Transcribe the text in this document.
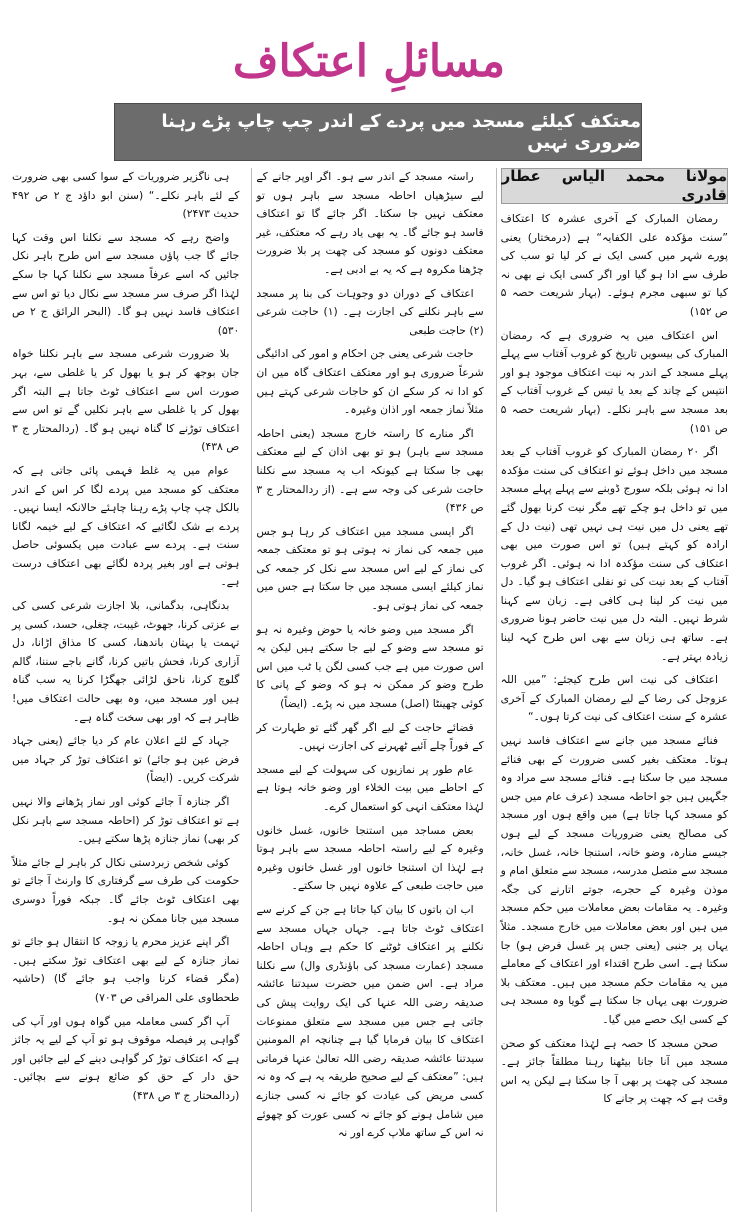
مسائلِ اعتکاف
معتکف کیلئے مسجد میں پردے کے اندر چپ چاپ پڑے رہنا ضروری نہیں
مولانا محمد الیاس عطار قادری

رمضان المبارک کے آخری عشرہ کا اعتکاف ”سنت مؤکدہ علی الکفایہ“ ہے (درمختار) یعنی پورے شہر میں کسی ایک نے کر لیا تو سب کی طرف سے ادا ہو گیا اور اگر کسی ایک نے بھی نہ کیا تو سبھی مجرم ہوئے۔ (بہار شریعت حصہ ۵ ص ۱۵۲)

اس اعتکاف میں یہ ضروری ہے کہ رمضان المبارک کی بیسویں تاریخ کو غروب آفتاب سے پہلے پہلے مسجد کے اندر بہ نیت اعتکاف موجود ہو اور انتیس کے چاند کے بعد یا تیس کے غروب آفتاب کے بعد مسجد سے باہر نکلے۔ (بہار شریعت حصہ ۵ ص ۱۵۱)

اگر ۲۰ رمضان المبارک کو غروب آفتاب کے بعد مسجد میں داخل ہوئے تو اعتکاف کی سنت مؤکدہ ادا نہ ہوئی بلکہ سورج ڈوبنے سے پہلے پہلے مسجد میں تو داخل ہو چکے تھے مگر نیت کرنا بھول گئے تھے یعنی دل میں نیت ہی نہیں تھی (نیت دل کے ارادہ کو کہتے ہیں) تو اس صورت میں بھی اعتکاف کی سنت مؤکدہ ادا نہ ہوئی۔ اگر غروب آفتاب کے بعد نیت کی تو نفلی اعتکاف ہو گیا۔ دل میں نیت کر لینا ہی کافی ہے۔ زبان سے کہنا شرط نہیں۔ البتہ دل میں نیت حاضر ہونا ضروری ہے۔ ساتھ ہی زبان سے بھی اس طرح کہہ لینا زیادہ بہتر ہے۔

اعتکاف کی نیت اس طرح کیجئے: ”میں اللہ عزوجل کی رضا کے لیے رمضان المبارک کے آخری عشرہ کے سنت اعتکاف کی نیت کرتا ہوں۔“

فنائے مسجد میں جانے سے اعتکاف فاسد نہیں ہوتا۔ معتکف بغیر کسی ضرورت کے بھی فنائے مسجد میں جا سکتا ہے۔ فنائے مسجد سے مراد وہ جگہیں ہیں جو احاطہ مسجد (عرف عام میں جس کو مسجد کہا جاتا ہے) میں واقع ہوں اور مسجد کی مصالح یعنی ضروریات مسجد کے لیے ہوں جیسے منارہ، وضو خانہ، استنجا خانہ، غسل خانہ، مسجد سے متصل مدرسہ، مسجد سے متعلق امام و موذن وغیرہ کے حجرے، جوتے اتارنے کی جگہ وغیرہ۔ یہ مقامات بعض معاملات میں حکم مسجد میں ہیں اور بعض معاملات میں خارج مسجد۔ مثلاً یہاں پر جنبی (یعنی جس پر غسل فرض ہو) جا سکتا ہے۔ اسی طرح اقتداء اور اعتکاف کے معاملے میں یہ مقامات حکم مسجد میں ہیں۔ معتکف بلا ضرورت بھی یہاں جا سکتا ہے گویا وہ مسجد ہی کے کسی ایک حصے میں گیا۔

صحن مسجد کا حصہ ہے لہٰذا معتکف کو صحن مسجد میں آنا جانا بیٹھنا رہنا مطلقاً جائز ہے۔ مسجد کی چھت پر بھی آ جا سکتا ہے لیکن یہ اس وقت ہے کہ چھت پر جانے کا

راستہ مسجد کے اندر سے ہو۔ اگر اوپر جانے کے لیے سیڑھیاں احاطہ مسجد سے باہر ہوں تو معتکف نہیں جا سکتا۔ اگر جائے گا تو اعتکاف فاسد ہو جائے گا۔ یہ بھی یاد رہے کہ معتکف، غیر معتکف دونوں کو مسجد کی چھت پر بلا ضرورت چڑھنا مکروہ ہے کہ یہ بے ادبی ہے۔

اعتکاف کے دوران دو وجوہات کی بنا پر مسجد سے باہر نکلنے کی اجازت ہے۔ (۱) حاجت شرعی (۲) حاجت طبعی

حاجت شرعی یعنی جن احکام و امور کی ادائیگی شرعاً ضروری ہو اور معتکف اعتکاف گاہ میں ان کو ادا نہ کر سکے ان کو حاجات شرعی کہتے ہیں مثلاً نماز جمعہ اور اذان وغیرہ۔

اگر منارے کا راستہ خارج مسجد (یعنی احاطہ مسجد سے باہر) ہو تو بھی اذان کے لیے معتکف بھی جا سکتا ہے کیونکہ اب یہ مسجد سے نکلنا حاجت شرعی کی وجہ سے ہے۔ (از ردالمحتار ج ۳ ص ۴۳۶)

اگر ایسی مسجد میں اعتکاف کر رہا ہو جس میں جمعہ کی نماز نہ ہوتی ہو تو معتکف جمعہ کی نماز کے لیے اس مسجد سے نکل کر جمعہ کی نماز کیلئے ایسی مسجد میں جا سکتا ہے جس میں جمعہ کی نماز ہوتی ہو۔

اگر مسجد میں وضو خانہ یا حوض وغیرہ نہ ہو تو مسجد سے وضو کے لیے جا سکتے ہیں لیکن یہ اس صورت میں ہے جب کسی لگن یا ٹب میں اس طرح وضو کر ممکن نہ ہو کہ وضو کے پانی کا کوئی چھینٹا (اصل) مسجد میں نہ پڑے۔ (ایضاً)

قضائے حاجت کے لیے اگر گھر گئے تو طہارت کر کے فوراً چلے آئیے ٹھہرنے کی اجازت نہیں۔

عام طور پر نمازیوں کی سہولت کے لیے مسجد کے احاطے میں بیت الخلاء اور وضو خانہ ہوتا ہے لہٰذا معتکف انہی کو استعمال کرے۔

بعض مساجد میں استنجا خانوں، غسل خانوں وغیرہ کے لیے راستہ احاطہ مسجد سے باہر ہوتا ہے لہٰذا ان استنجا خانوں اور غسل خانوں وغیرہ میں حاجت طبعی کے علاوہ نہیں جا سکتے۔

اب ان باتوں کا بیان کیا جاتا ہے جن کے کرنے سے اعتکاف ٹوٹ جاتا ہے۔ جہاں جہاں مسجد سے نکلنے پر اعتکاف ٹوٹنے کا حکم ہے وہاں احاطہ مسجد (عمارت مسجد کی باؤنڈری وال) سے نکلنا مراد ہے۔ اس ضمن میں حضرت سیدتنا عائشہ صدیقہ رضی اللہ عنہا کی ایک روایت پیش کی جاتی ہے جس میں مسجد سے متعلق ممنوعات اعتکاف کا بیان فرمایا گیا ہے چنانچہ ام المومنین سیدتنا عائشہ صدیقہ رضی اللہ تعالیٰ عنہا فرماتی ہیں: ”معتکف کے لیے صحیح طریقہ یہ ہے کہ وہ نہ کسی مریض کی عیادت کو جائے نہ کسی جنازے میں شامل ہونے کو جائے نہ کسی عورت کو چھوئے نہ اس کے ساتھ ملاپ کرے اور نہ

ہی ناگزیر ضروریات کے سوا کسی بھی ضرورت کے لئے باہر نکلے۔“ (سنن ابو داؤد ج ۲ ص ۴۹۲ حدیث ۲۴۷۳)

واضح رہے کہ مسجد سے نکلنا اس وقت کہا جائے گا جب پاؤں مسجد سے اس طرح باہر نکل جائیں کہ اسے عرفاً مسجد سے نکلنا کہا جا سکے لہٰذا اگر صرف سر مسجد سے نکال دیا تو اس سے اعتکاف فاسد نہیں ہو گا۔ (البحر الرائق ج ۲ ص ۵۳۰)

بلا ضرورت شرعی مسجد سے باہر نکلنا خواہ جان بوجھ کر ہو یا بھول کر یا غلطی سے، بہر صورت اس سے اعتکاف ٹوٹ جاتا ہے البتہ اگر بھول کر یا غلطی سے باہر نکلیں گے تو اس سے اعتکاف توڑنے کا گناہ نہیں ہو گا۔ (ردالمحتار ج ۳ ص ۴۳۸)

عوام میں یہ غلط فہمی پائی جاتی ہے کہ معتکف کو مسجد میں پردے لگا کر اس کے اندر بالکل چپ چاپ پڑے رہنا چاہئے حالانکہ ایسا نہیں۔ پردے بے شک لگائیے کہ اعتکاف کے لیے خیمہ لگانا سنت ہے۔ پردے سے عبادت میں یکسوئی حاصل ہوتی ہے اور بغیر پردہ لگائے بھی اعتکاف درست ہے۔

بدنگاہی، بدگمانی، بلا اجازت شرعی کسی کی بے عزتی کرنا، جھوٹ، غیبت، چغلی، حسد، کسی پر تہمت یا بہتان باندھنا، کسی کا مذاق اڑانا، دل آزاری کرنا، فحش باتیں کرنا، گانے باجے سننا، گالم گلوچ کرنا، ناحق لڑائی جھگڑا کرنا یہ سب گناہ ہیں اور مسجد میں، وہ بھی حالت اعتکاف میں! ظاہر ہے کہ اور بھی سخت گناہ ہے۔

جہاد کے لئے اعلان عام کر دیا جائے (یعنی جہاد فرض عین ہو جائے) تو اعتکاف توڑ کر جہاد میں شرکت کریں۔ (ایضاً)

اگر جنازہ آ جائے کوئی اور نماز پڑھانے والا نہیں ہے تو اعتکاف توڑ کر (احاطہ مسجد سے باہر نکل کر بھی) نماز جنازہ پڑھا سکتے ہیں۔

کوئی شخص زبردستی نکال کر باہر لے جائے مثلاً حکومت کی طرف سے گرفتاری کا وارنٹ آ جائے تو بھی اعتکاف ٹوٹ جائے گا۔ جبکہ فوراً دوسری مسجد میں جانا ممکن نہ ہو۔

اگر اپنے عزیز محرم یا زوجہ کا انتقال ہو جائے تو نماز جنازہ کے لیے بھی اعتکاف توڑ سکتے ہیں۔ (مگر قضاء کرنا واجب ہو جائے گا) (حاشیہ طحطاوی علی المراقی ص ۷۰۳)

آپ اگر کسی معاملہ میں گواہ ہوں اور آپ کی گواہی پر فیصلہ موقوف ہو تو آپ کے لیے یہ جائز ہے کہ اعتکاف توڑ کر گواہی دینے کے لیے جائیں اور حق دار کے حق کو ضائع ہونے سے بچائیں۔ (ردالمحتار ج ۳ ص ۴۳۸)
